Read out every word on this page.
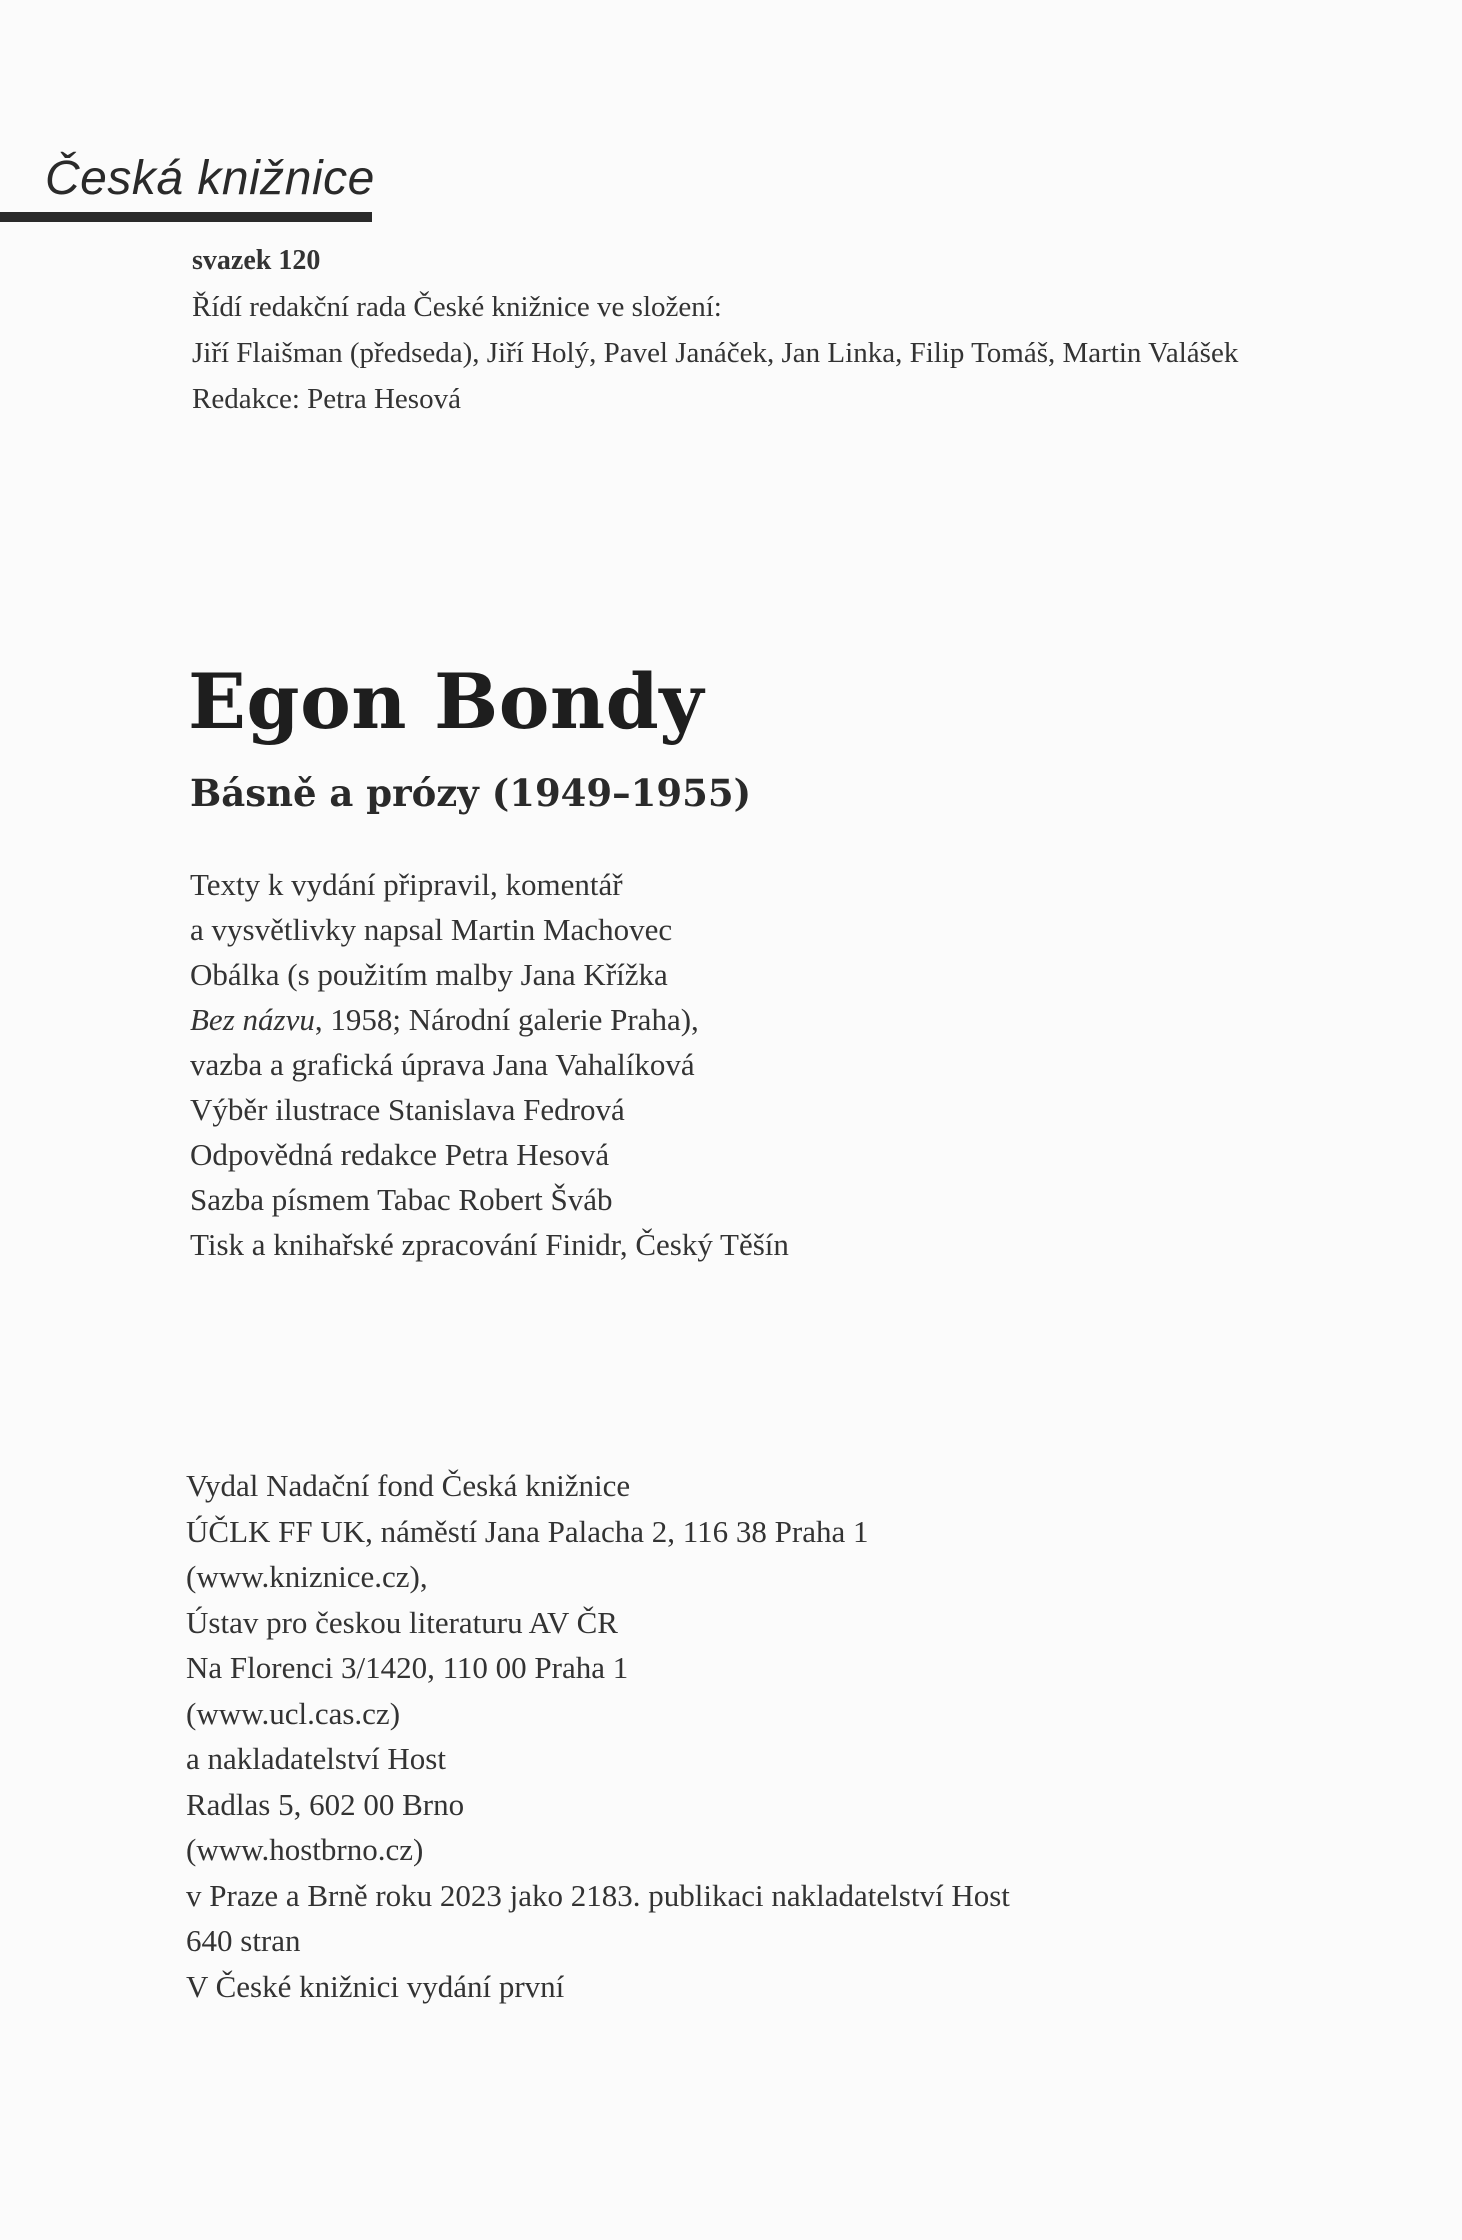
Česká knižnice
svazek 120
Řídí redakční rada České knižnice ve složení:
Jiří Flaišman (předseda), Jiří Holý, Pavel Janáček, Jan Linka, Filip Tomáš, Martin Valášek
Redakce: Petra Hesová
Egon Bondy
Básně a prózy (1949–1955)
Texty k vydání připravil, komentář
a vysvětlivky napsal Martin Machovec
Obálka (s použitím malby Jana Křížka
Bez názvu, 1958; Národní galerie Praha),
vazba a grafická úprava Jana Vahalíková
Výběr ilustrace Stanislava Fedrová
Odpovědná redakce Petra Hesová
Sazba písmem Tabac Robert Šváb
Tisk a knihařské zpracování Finidr, Český Těšín
Vydal Nadační fond Česká knižnice
ÚČLK FF UK, náměstí Jana Palacha 2, 116 38 Praha 1
(www.kniznice.cz),
Ústav pro českou literaturu AV ČR
Na Florenci 3/1420, 110 00 Praha 1
(www.ucl.cas.cz)
a nakladatelství Host
Radlas 5, 602 00 Brno
(www.hostbrno.cz)
v Praze a Brně roku 2023 jako 2183. publikaci nakladatelství Host
640 stran
V České knižnici vydání první
